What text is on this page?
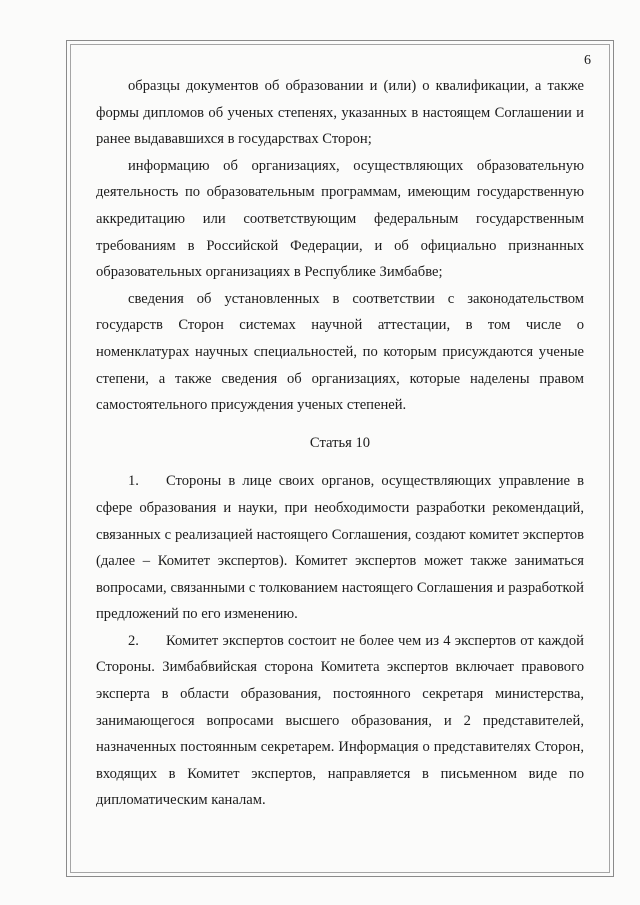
6

образцы документов об образовании и (или) о квалификации, а также формы дипломов об ученых степенях, указанных в настоящем Соглашении и ранее выдававшихся в государствах Сторон;

информацию об организациях, осуществляющих образовательную деятельность по образовательным программам, имеющим государственную аккредитацию или соответствующим федеральным государственным требованиям в Российской Федерации, и об официально признанных образовательных организациях в Республике Зимбабве;

сведения об установленных в соответствии с законодательством государств Сторон системах научной аттестации, в том числе о номенклатурах научных специальностей, по которым присуждаются ученые степени, а также сведения об организациях, которые наделены правом самостоятельного присуждения ученых степеней.

Статья 10

1. Стороны в лице своих органов, осуществляющих управление в сфере образования и науки, при необходимости разработки рекомендаций, связанных с реализацией настоящего Соглашения, создают комитет экспертов (далее – Комитет экспертов). Комитет экспертов может также заниматься вопросами, связанными с толкованием настоящего Соглашения и разработкой предложений по его изменению.

2. Комитет экспертов состоит не более чем из 4 экспертов от каждой Стороны. Зимбабвийская сторона Комитета экспертов включает правового эксперта в области образования, постоянного секретаря министерства, занимающегося вопросами высшего образования, и 2 представителей, назначенных постоянным секретарем. Информация о представителях Сторон, входящих в Комитет экспертов, направляется в письменном виде по дипломатическим каналам.
